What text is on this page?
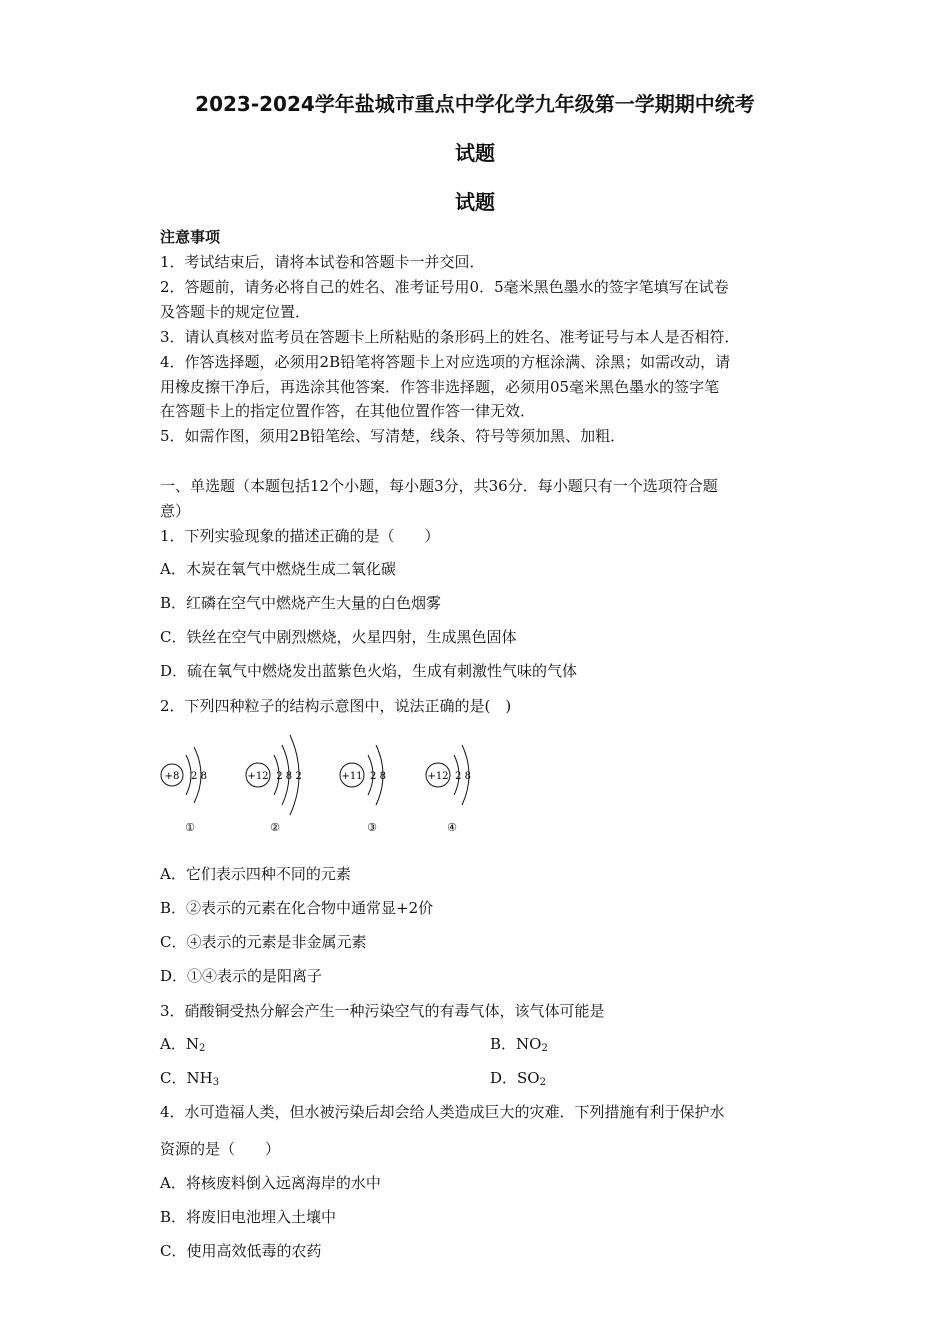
2023-2024学年盐城市重点中学化学九年级第一学期期中统考
试题
试题
注意事项
1．考试结束后，请将本试卷和答题卡一并交回．
2．答题前，请务必将自己的姓名、准考证号用0．5毫米黑色墨水的签字笔填写在试卷
及答题卡的规定位置．
3．请认真核对监考员在答题卡上所粘贴的条形码上的姓名、准考证号与本人是否相符．
4．作答选择题，必须用2B铅笔将答题卡上对应选项的方框涂满、涂黑；如需改动，请
用橡皮擦干净后，再选涂其他答案．作答非选择题，必须用05毫米黑色墨水的签字笔
在答题卡上的指定位置作答，在其他位置作答一律无效．
5．如需作图，须用2B铅笔绘、写清楚，线条、符号等须加黑、加粗．
一、单选题（本题包括12个小题，每小题3分，共36分．每小题只有一个选项符合题
意）
1．下列实验现象的描述正确的是（　　）
A．木炭在氧气中燃烧生成二氧化碳
B．红磷在空气中燃烧产生大量的白色烟雾
C．铁丝在空气中剧烈燃烧，火星四射，生成黑色固体
D．硫在氧气中燃烧发出蓝紫色火焰，生成有刺激性气味的气体
2．下列四种粒子的结构示意图中，说法正确的是(　)
+8 2 8
①
+12 2 8 2
②
+11 2 8
③
+12 2 8
④
A．它们表示四种不同的元素
B．②表示的元素在化合物中通常显+2价
C．④表示的元素是非金属元素
D．①④表示的是阳离子
3．硝酸铜受热分解会产生一种污染空气的有毒气体，该气体可能是
A．$N_2$	B．$NO_2$
C．$NH_3$	D．$SO_2$
4．水可造福人类，但水被污染后却会给人类造成巨大的灾难．下列措施有利于保护水
资源的是（　　）
A．将核废料倒入远离海岸的水中
B．将废旧电池埋入土壤中
C．使用高效低毒的农药
